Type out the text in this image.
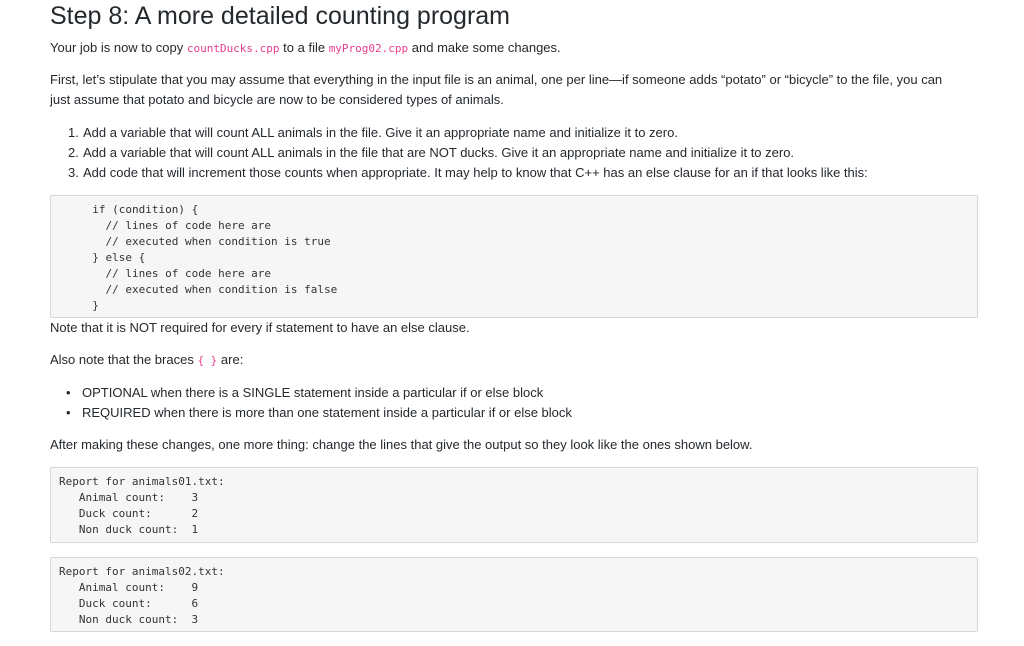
Step 8: A more detailed counting program

Your job is now to copy countDucks.cpp to a file myProg02.cpp and make some changes.

First, let’s stipulate that you may assume that everything in the input file is an animal, one per line—if someone adds “potato” or “bicycle” to the file, you can
just assume that potato and bicycle are now to be considered types of animals.

1. Add a variable that will count ALL animals in the file. Give it an appropriate name and initialize it to zero.
2. Add a variable that will count ALL animals in the file that are NOT ducks. Give it an appropriate name and initialize it to zero.
3. Add code that will increment those counts when appropriate. It may help to know that C++ has an else clause for an if that looks like this:
if (condition) {
// lines of code here are
// executed when condition is true
} else {
// lines of code here are
// executed when condition is false
}

Note that it is NOT required for every if statement to have an else clause.

Also note that the braces { } are:

• OPTIONAL when there is a SINGLE statement inside a particular if or else block
• REQUIRED when there is more than one statement inside a particular if or else block

After making these changes, one more thing: change the lines that give the output so they look like the ones shown below.

Report for animals01.txt:
Animal count:    3
Duck count:      2
Non duck count:  1
Report for animals02.txt:
Animal count:    9
Duck count:      6
Non duck count:  3
